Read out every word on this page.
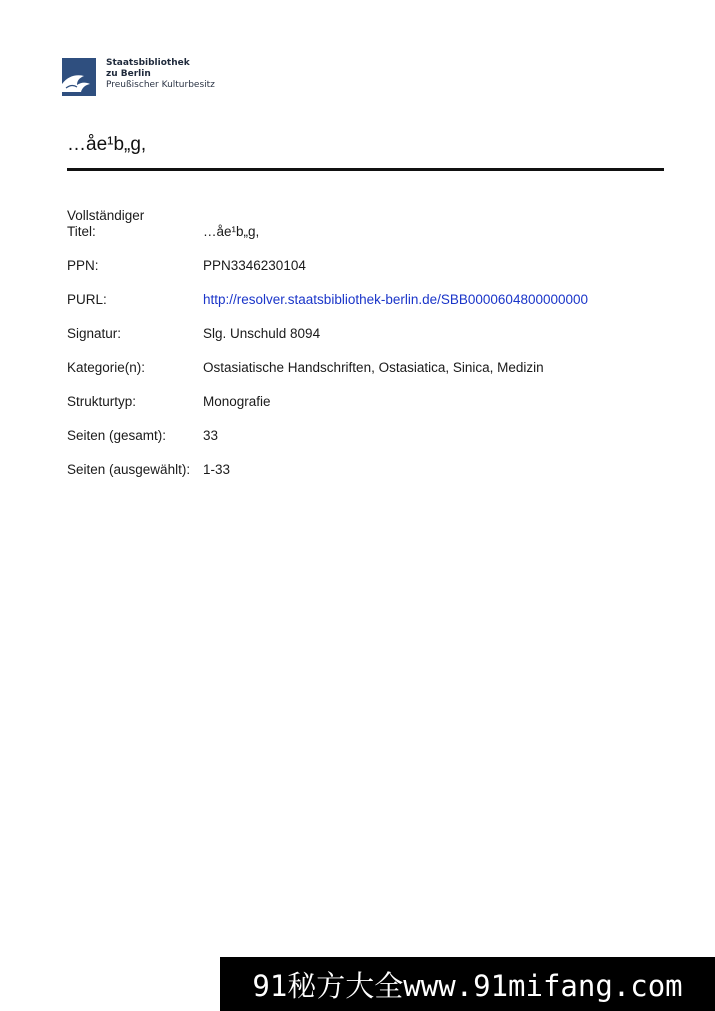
Staatsbibliothek
zu Berlin
Preußischer Kulturbesitz
…åe¹b„g,
Vollständiger
Titel:	…åe¹b„g,
PPN:	PPN3346230104
PURL:	http://resolver.staatsbibliothek-berlin.de/SBB0000604800000000
Signatur:	Slg. Unschuld 8094
Kategorie(n):	Ostasiatische Handschriften, Ostasiatica, Sinica, Medizin
Strukturtyp:	Monografie
Seiten (gesamt):	33
Seiten (ausgewählt): 1-33
91秘方大全www.91mifang.com
